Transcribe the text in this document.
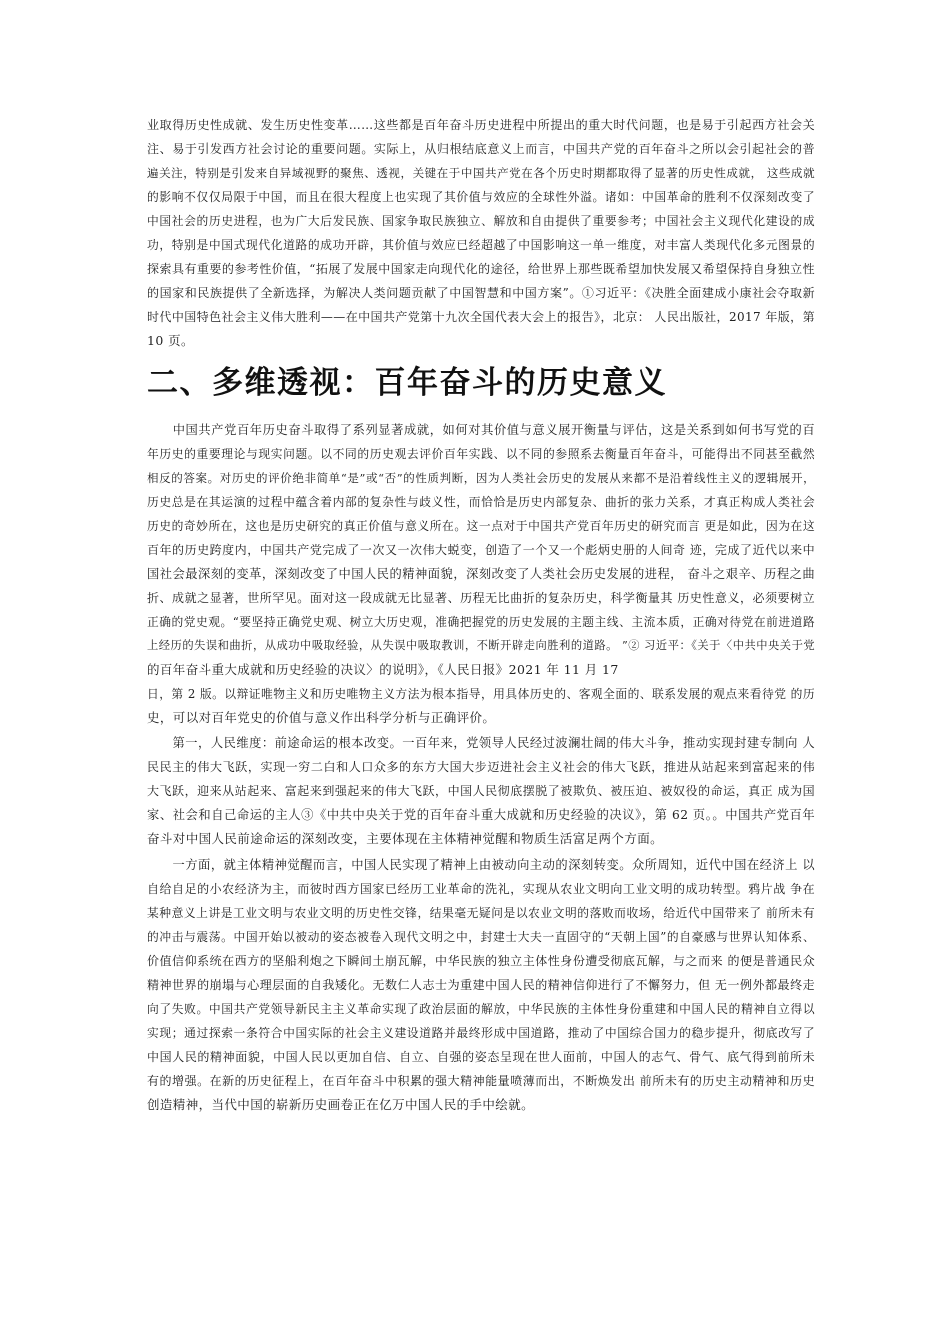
业取得历史性成就、发生历史性变革……这些都是百年奋斗历史进程中所提出的重大时代问题，也是易于引起西方社会关
注、易于引发西方社会讨论的重要问题。实际上，从归根结底意义上而言，中国共产党的百年奋斗之所以会引起社会的普
遍关注，特别是引发来自异域视野的聚焦、透视，关键在于中国共产党在各个历史时期都取得了显著的历史性成就， 这些成就
的影响不仅仅局限于中国，而且在很大程度上也实现了其价值与效应的全球性外溢。诸如：中国革命的胜利不仅深刻改变了
中国社会的历史进程，也为广大后发民族、国家争取民族独立、解放和自由提供了重要参考；中国社会主义现代化建设的成
功，特别是中国式现代化道路的成功开辟，其价值与效应已经超越了中国影响这一单一维度，对丰富人类现代化多元图景的
探索具有重要的参考性价值，“拓展了发展中国家走向现代化的途径，给世界上那些既希望加快发展又希望保持自身独立性
的国家和民族提供了全新选择，为解决人类问题贡献了中国智慧和中国方案”。①习近平：《决胜全面建成小康社会夺取新
时代中国特色社会主义伟大胜利——在中国共产党第十九次全国代表大会上的报告》，北京： 人民出版社，2017 年版，第
10 页。
二、多维透视：百年奋斗的历史意义
　　中国共产党百年历史奋斗取得了系列显著成就，如何对其价值与意义展开衡量与评估，这是关系到如何书写党的百
年历史的重要理论与现实问题。以不同的历史观去评价百年实践、以不同的参照系去衡量百年奋斗，可能得出不同甚至截然
相反的答案。对历史的评价绝非简单“是”或“否”的性质判断，因为人类社会历史的发展从来都不是沿着线性主义的逻辑展开，
历史总是在其运演的过程中蕴含着内部的复杂性与歧义性，而恰恰是历史内部复杂、曲折的张力关系，才真正构成人类社会
历史的奇妙所在，这也是历史研究的真正价值与意义所在。这一点对于中国共产党百年历史的研究而言 更是如此，因为在这
百年的历史跨度内，中国共产党完成了一次又一次伟大蜕变，创造了一个又一个彪炳史册的人间奇 迹，完成了近代以来中
国社会最深刻的变革，深刻改变了中国人民的精神面貌，深刻改变了人类社会历史发展的进程， 奋斗之艰辛、历程之曲
折、成就之显著，世所罕见。面对这一段成就无比显著、历程无比曲折的复杂历史，科学衡量其 历史性意义，必须要树立
正确的党史观。“要坚持正确党史观、树立大历史观，准确把握党的历史发展的主题主线、主流本质，正确对待党在前进道路
上经历的失误和曲折，从成功中吸取经验，从失误中吸取教训，不断开辟走向胜利的道路。 ”② 习近平：《关于〈中共中央关于党
的百年奋斗重大成就和历史经验的决议〉的说明》，《人民日报》2021 年 11 月 17
日，第 2 版。以辩证唯物主义和历史唯物主义方法为根本指导，用具体历史的、客观全面的、联系发展的观点来看待党 的历
史，可以对百年党史的价值与意义作出科学分析与正确评价。
　　第一，人民维度：前途命运的根本改变。一百年来，党领导人民经过波澜壮阔的伟大斗争，推动实现封建专制向 人
民民主的伟大飞跃，实现一穷二白和人口众多的东方大国大步迈进社会主义社会的伟大飞跃，推进从站起来到富起来的伟
大飞跃，迎来从站起来、富起来到强起来的伟大飞跃，中国人民彻底摆脱了被欺负、被压迫、被奴役的命运，真正 成为国
家、社会和自己命运的主人③《中共中央关于党的百年奋斗重大成就和历史经验的决议》，第 62 页。。中国共产党百年
奋斗对中国人民前途命运的深刻改变，主要体现在主体精神觉醒和物质生活富足两个方面。
　　一方面，就主体精神觉醒而言，中国人民实现了精神上由被动向主动的深刻转变。众所周知，近代中国在经济上 以
自给自足的小农经济为主，而彼时西方国家已经历工业革命的洗礼，实现从农业文明向工业文明的成功转型。鸦片战 争在
某种意义上讲是工业文明与农业文明的历史性交锋，结果毫无疑问是以农业文明的落败而收场，给近代中国带来了 前所未有
的冲击与震荡。中国开始以被动的姿态被卷入现代文明之中，封建士大夫一直固守的“天朝上国”的自豪感与世界认知体系、
价值信仰系统在西方的坚船利炮之下瞬间土崩瓦解，中华民族的独立主体性身份遭受彻底瓦解，与之而来 的便是普通民众
精神世界的崩塌与心理层面的自我矮化。无数仁人志士为重建中国人民的精神信仰进行了不懈努力，但 无一例外都最终走
向了失败。中国共产党领导新民主主义革命实现了政治层面的解放，中华民族的主体性身份重建和中国人民的精神自立得以
实现；通过探索一条符合中国实际的社会主义建设道路并最终形成中国道路，推动了中国综合国力的稳步提升，彻底改写了
中国人民的精神面貌，中国人民以更加自信、自立、自强的姿态呈现在世人面前，中国人的志气、骨气、底气得到前所未
有的增强。在新的历史征程上，在百年奋斗中积累的强大精神能量喷薄而出，不断焕发出 前所未有的历史主动精神和历史
创造精神，当代中国的崭新历史画卷正在亿万中国人民的手中绘就。
